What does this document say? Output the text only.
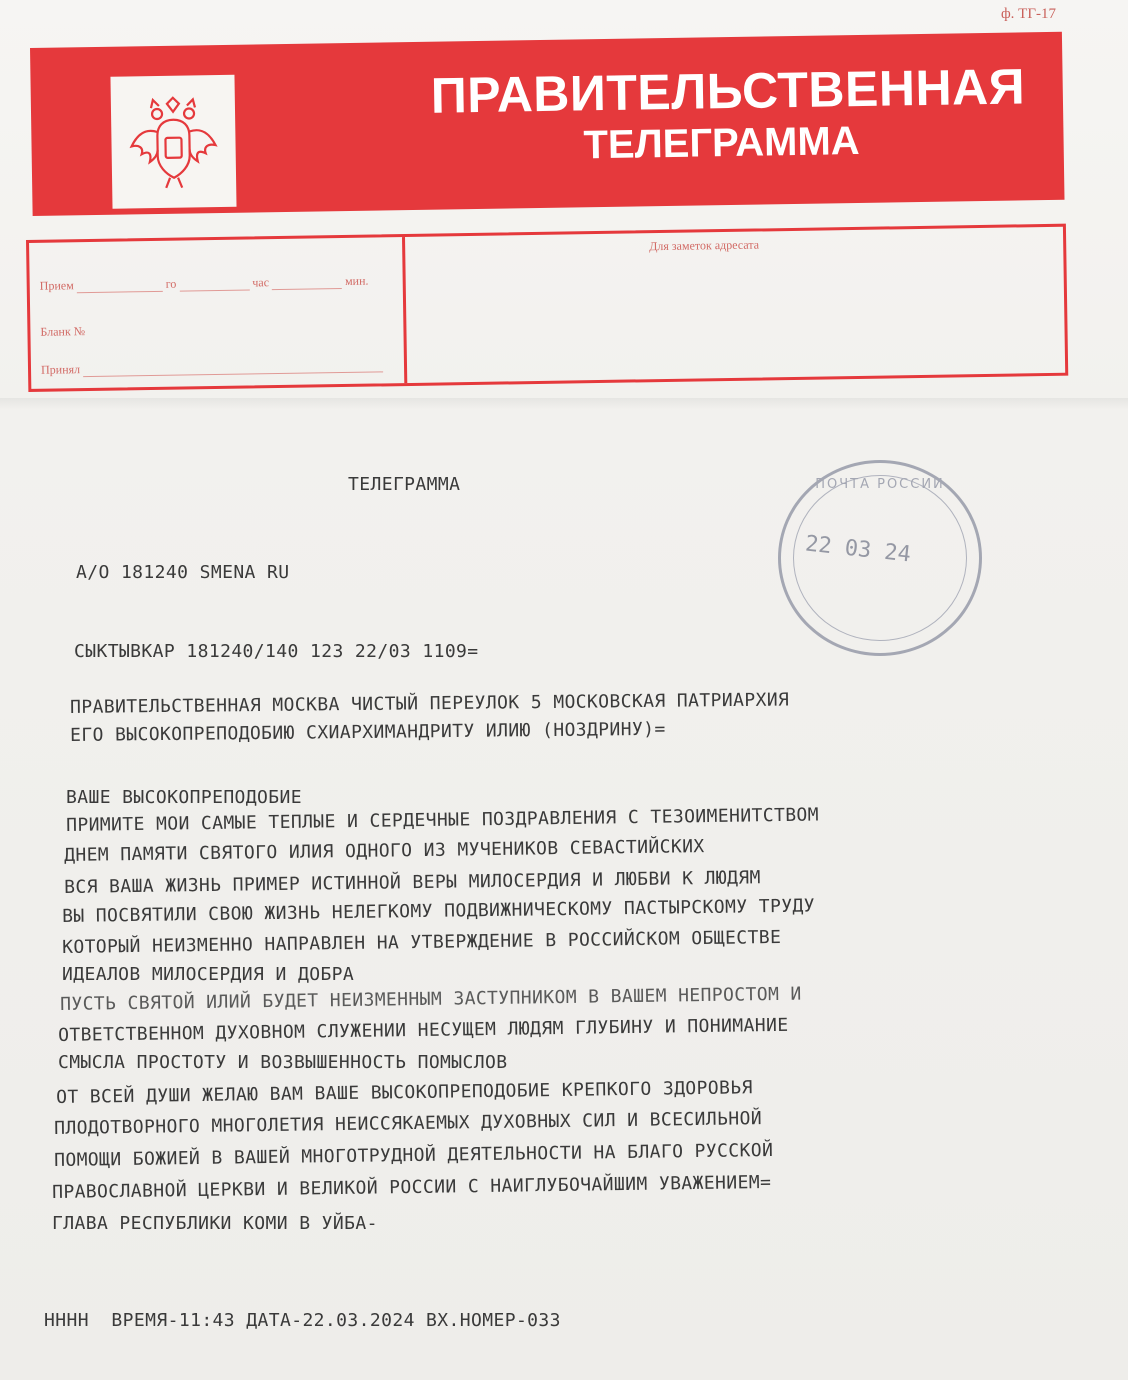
ф. ТГ-17
ПРАВИТЕЛЬСТВЕННАЯ
ТЕЛЕГРАММА
Прием	го	час	мин.
Бланк №
Принял
Для заметок адресата
ТЕЛЕГРАММА
А/О 181240 SMENA RU
СЫКТЫВКАР 181240/140 123 22/03 1109=
ПРАВИТЕЛЬСТВЕННАЯ МОСКВА ЧИСТЫЙ ПЕРЕУЛОК 5 МОСКОВСКАЯ ПАТРИАРХИЯ
ЕГО ВЫСОКОПРЕПОДОБИЮ СХИАРХИМАНДРИТУ ИЛИЮ (НОЗДРИНУ)=
ВАШЕ ВЫСОКОПРЕПОДОБИЕ
ПРИМИТЕ МОИ САМЫЕ ТЕПЛЫЕ И СЕРДЕЧНЫЕ ПОЗДРАВЛЕНИЯ С ТЕЗОИМЕНИТСТВОМ
ДНЕМ ПАМЯТИ СВЯТОГО ИЛИЯ ОДНОГО ИЗ МУЧЕНИКОВ СЕВАСТИЙСКИХ
ВСЯ ВАША ЖИЗНЬ ПРИМЕР ИСТИННОЙ ВЕРЫ МИЛОСЕРДИЯ И ЛЮБВИ К ЛЮДЯМ
ВЫ ПОСВЯТИЛИ СВОЮ ЖИЗНЬ НЕЛЕГКОМУ ПОДВИЖНИЧЕСКОМУ ПАСТЫРСКОМУ ТРУДУ
КОТОРЫЙ НЕИЗМЕННО НАПРАВЛЕН НА УТВЕРЖДЕНИЕ В РОССИЙСКОМ ОБЩЕСТВЕ
ИДЕАЛОВ МИЛОСЕРДИЯ И ДОБРА
ПУСТЬ СВЯТОЙ ИЛИЙ БУДЕТ НЕИЗМЕННЫМ ЗАСТУПНИКОМ В ВАШЕМ НЕПРОСТОМ И
ОТВЕТСТВЕННОМ ДУХОВНОМ СЛУЖЕНИИ НЕСУЩЕМ ЛЮДЯМ ГЛУБИНУ И ПОНИМАНИЕ
СМЫСЛА ПРОСТОТУ И ВОЗВЫШЕННОСТЬ ПОМЫСЛОВ
ОТ ВСЕЙ ДУШИ ЖЕЛАЮ ВАМ ВАШЕ ВЫСОКОПРЕПОДОБИЕ КРЕПКОГО ЗДОРОВЬЯ
ПЛОДОТВОРНОГО МНОГОЛЕТИЯ НЕИССЯКАЕМЫХ ДУХОВНЫХ СИЛ И ВСЕСИЛЬНОЙ
ПОМОЩИ БОЖИЕЙ В ВАШЕЙ МНОГОТРУДНОЙ ДЕЯТЕЛЬНОСТИ НА БЛАГО РУССКОЙ
ПРАВОСЛАВНОЙ ЦЕРКВИ И ВЕЛИКОЙ РОССИИ С НАИГЛУБОЧАЙШИМ УВАЖЕНИЕМ=
ГЛАВА РЕСПУБЛИКИ КОМИ В УЙБА-
НННН  ВРЕМЯ-11:43 ДАТА-22.03.2024 ВХ.НОМЕР-033
ПОЧТА РОССИИ
22 03 24
